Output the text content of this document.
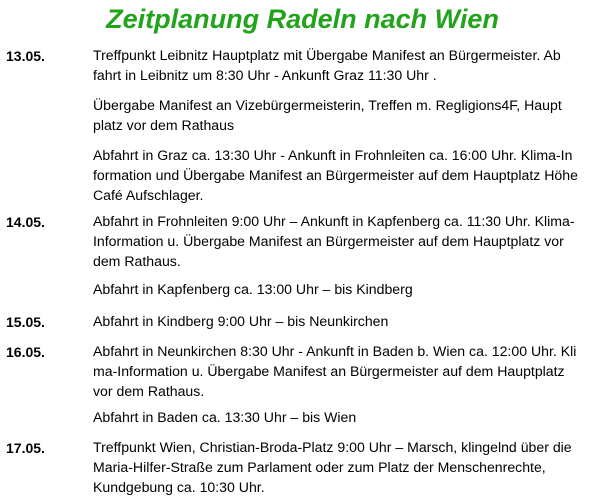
Zeitplanung Radeln nach Wien
13.05.	Treffpunkt Leibnitz Hauptplatz mit Übergabe Manifest an Bürgermeister. Ab
fahrt in Leibnitz um 8:30 Uhr - Ankunft Graz 11:30 Uhr .
Übergabe Manifest an Vizebürgermeisterin, Treffen m. Regligions4F, Haupt
platz vor dem Rathaus
Abfahrt in Graz ca. 13:30 Uhr - Ankunft in Frohnleiten ca. 16:00 Uhr. Klima-In
formation und Übergabe Manifest an Bürgermeister auf dem Hauptplatz Höhe
Café Aufschlager.
14.05.	Abfahrt in Frohnleiten 9:00 Uhr – Ankunft in Kapfenberg ca. 11:30 Uhr. Klima-
Information u. Übergabe Manifest an Bürgermeister auf dem Hauptplatz vor
dem Rathaus.
Abfahrt in Kapfenberg ca. 13:00 Uhr – bis Kindberg
15.05.	Abfahrt in Kindberg 9:00 Uhr – bis Neunkirchen
16.05.	Abfahrt in Neunkirchen 8:30 Uhr - Ankunft in Baden b. Wien ca. 12:00 Uhr. Kli
ma-Information u. Übergabe Manifest an Bürgermeister auf dem Hauptplatz
vor dem Rathaus.
Abfahrt in Baden ca. 13:30 Uhr – bis Wien
17.05.	Treffpunkt Wien, Christian-Broda-Platz 9:00 Uhr – Marsch, klingelnd über die
Maria-Hilfer-Straße zum Parlament oder zum Platz der Menschenrechte,
Kundgebung ca. 10:30 Uhr.
